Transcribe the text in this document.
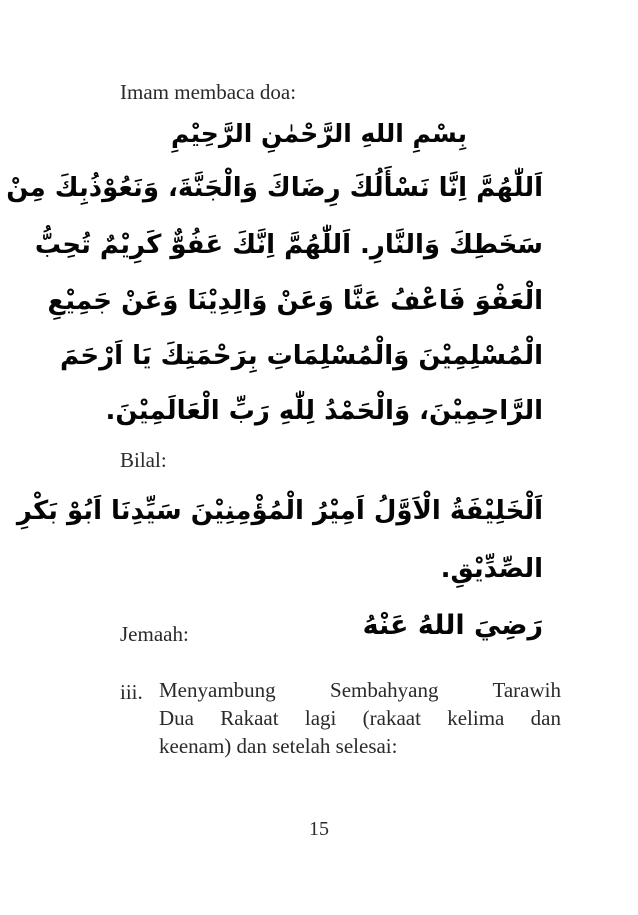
Imam membaca doa:
بِسْمِ اللهِ الرَّحْمٰنِ الرَّحِيْمِ
اَللّٰهُمَّ اِنَّا نَسْأَلُكَ رِضَاكَ وَالْجَنَّةَ، وَنَعُوْذُبِكَ مِنْ
سَخَطِكَ وَالنَّارِ. اَللّٰهُمَّ اِنَّكَ عَفُوٌّ كَرِيْمٌ تُحِبُّ
الْعَفْوَ فَاعْفُ عَنَّا وَعَنْ وَالِدِيْنَا وَعَنْ جَمِيْعِ
الْمُسْلِمِيْنَ وَالْمُسْلِمَاتِ بِرَحْمَتِكَ يَا اَرْحَمَ
الرَّاحِمِيْنَ، وَالْحَمْدُ لِلّٰهِ رَبِّ الْعَالَمِيْنَ.
Bilal:
اَلْخَلِيْفَةُ الْاَوَّلُ اَمِيْرُ الْمُؤْمِنِيْنَ سَيِّدِنَا اَبُوْ بَكْرِ
الصِّدِّيْقِ.
Jemaah:	رَضِيَ اللهُ عَنْهُ
iii. Menyambung Sembahyang Tarawih
Dua Rakaat lagi (rakaat kelima dan
keenam) dan setelah selesai:
15
